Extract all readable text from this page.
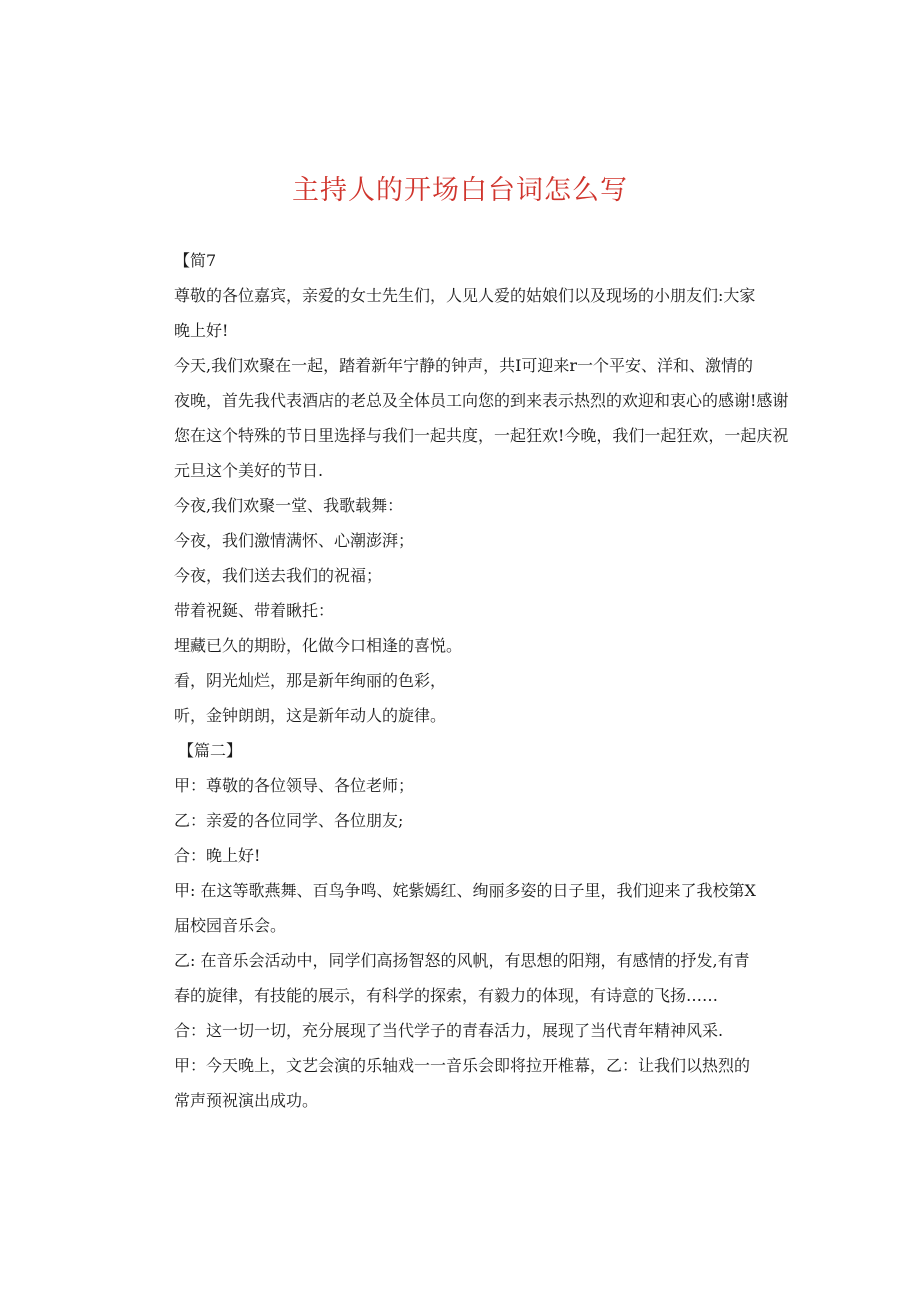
主持人的开场白台词怎么写
【简7
尊敬的各位嘉宾，亲爱的女士先生们，人见人爱的姑娘们以及现场的小朋友们:大家
晚上好!
今天,我们欢聚在一起，踏着新年宁静的钟声，共I可迎来r一个平安、洋和、激情的
夜晚，首先我代表酒店的老总及全体员工向您的到来表示热烈的欢迎和衷心的感谢!感谢
您在这个特殊的节日里选择与我们一起共度，一起狂欢!今晚，我们一起狂欢，一起庆祝
元旦这个美好的节日.
今夜,我们欢聚一堂、我歌载舞：
今夜，我们激情满怀、心潮澎湃；
今夜，我们送去我们的祝福；
带着祝鋋、带着瞅托：
埋藏已久的期盼，化做今口相逢的喜悦。
看，阴光灿烂，那是新年绚丽的色彩，
听，金钟朗朗，这是新年动人的旋律。
【篇二】
甲：尊敬的各位领导、各位老师；
乙：亲爱的各位同学、各位朋友;
合：晚上好!
甲: 在这等歌燕舞、百鸟争鸣、姹紫嫣红、绚丽多姿的日子里，我们迎来了我校第X
届校园音乐会。
乙: 在音乐会活动中，同学们高扬智怒的风帆，有思想的阳翔，有感情的抒发,有青
春的旋律，有技能的展示，有科学的探索，有毅力的体现，有诗意的飞扬……
合：这一切一切，充分展现了当代学子的青春活力，展现了当代青年精神风采.
甲：今天晚上，文艺会演的乐轴戏一一音乐会即将拉开椎幕，乙：让我们以热烈的
常声预祝演出成功。
